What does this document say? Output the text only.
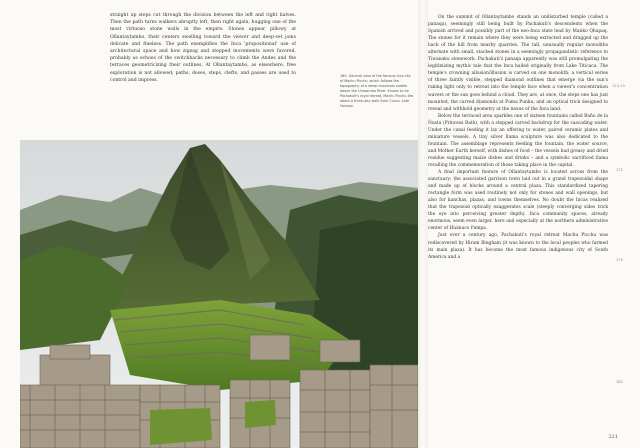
straight up steps cut through the division between the left and right halves. Then the path turns walkers abruptly left, then right again, hugging one of the most virtuoso stone walls in the empire. Stones appear pillowy at Ollantaytambo, their centers swelling toward the viewer and deep-set joins delicate and fineless. The path exemplifies the Inca 'propositional' use of architectural space and how zigzag and stepped movements were favored, probably as echoes of the switchbacks necessary to climb the Andes and the terraces geometricizing their outlines. At Ollantaytambo, as elsewhere, free exploration is not allowed; paths, doses, steps, clefts, and passes are used to control and impress.

180. General view of the famous Inca city of Machu Picchu, which follows the topography of a steep mountain saddle above the Urubamba River. Known to be Pachakuti's royal retreat, Machu Picchu lies about a three-day walk from Cuzco. Late Horizon.

On the summit of Ollantaytambo stands an undisturbed temple (called a panaqa), seemingly still being built by Pachakuti's descendents when the Spanish arrived and possibly part of the neo-Inca state lead by Manko Qhapaq. The stones for it remain where they were being extracted and dragged up the back of the hill from nearby quarries. The tall, unusually regular monoliths alternate with small, stacked stones in a seemingly propagandistic reference to Tiwanaku stonework. Pachakuti's panaqa apparently was still promulgating the legitimizing mythic tale that the Inca hailed originally from Lake Titicaca. The temple's crowning allusion/illusion is carved on one monolith: a vertical series of three faintly visible, stepped diamond outlines that emerge via the sun's raking light only to retreat into the temple face when a viewer's concentration wavers or the sun goes behind a cloud. They are, at once, the steps one has just mounted, the carved diamonds at Puma Punku, and an optical trick designed to reveal and withhold geometry at the nexus of the Inca land.

Below the terraced area sparkles one of sixteen fountains called Baño de la Ñusta (Princess Bath), with a stepped carved backdrop for the cascading water. Under the canal feeding it lay an offering to water, paired ceramic plates and miniature vessels. A tiny silver llama sculpture was also dedicated to the fountain. The assemblage represents feeding the fountain, the water source, and Mother Earth herself, with dishes of food – the vessels had greasy and dried residue suggesting maize dishes and drinks – and a symbolic sacrificed llama recalling the commemoration of those taking place in the capital.

A final important feature of Ollantaytambo is located across from the sanctuary: the associated garrison town laid out in a grand trapezoidal shape and made up of blocks around a central plaza. This standardized tapering rectangle form was used routinely not only for stones and wall openings, but also for kanchas, plazas, and towns themselves. No doubt the Incas realized that the trapezoid optically exaggerates scale (steeply converging sides trick the eye into perceiving greater depth). Inca community spaces, already enormous, seem even larger, here and especially at the northern administrative center of Huánuco Pampa.

Just over a century ago, Pachakuti's royal retreat Machu Picchu was rediscovered by Hiram Bingham (it was known to the local peoples who farmed its main plaza). It has become the most famous indigenous city of South America and a

123-19
172
175
182
221
